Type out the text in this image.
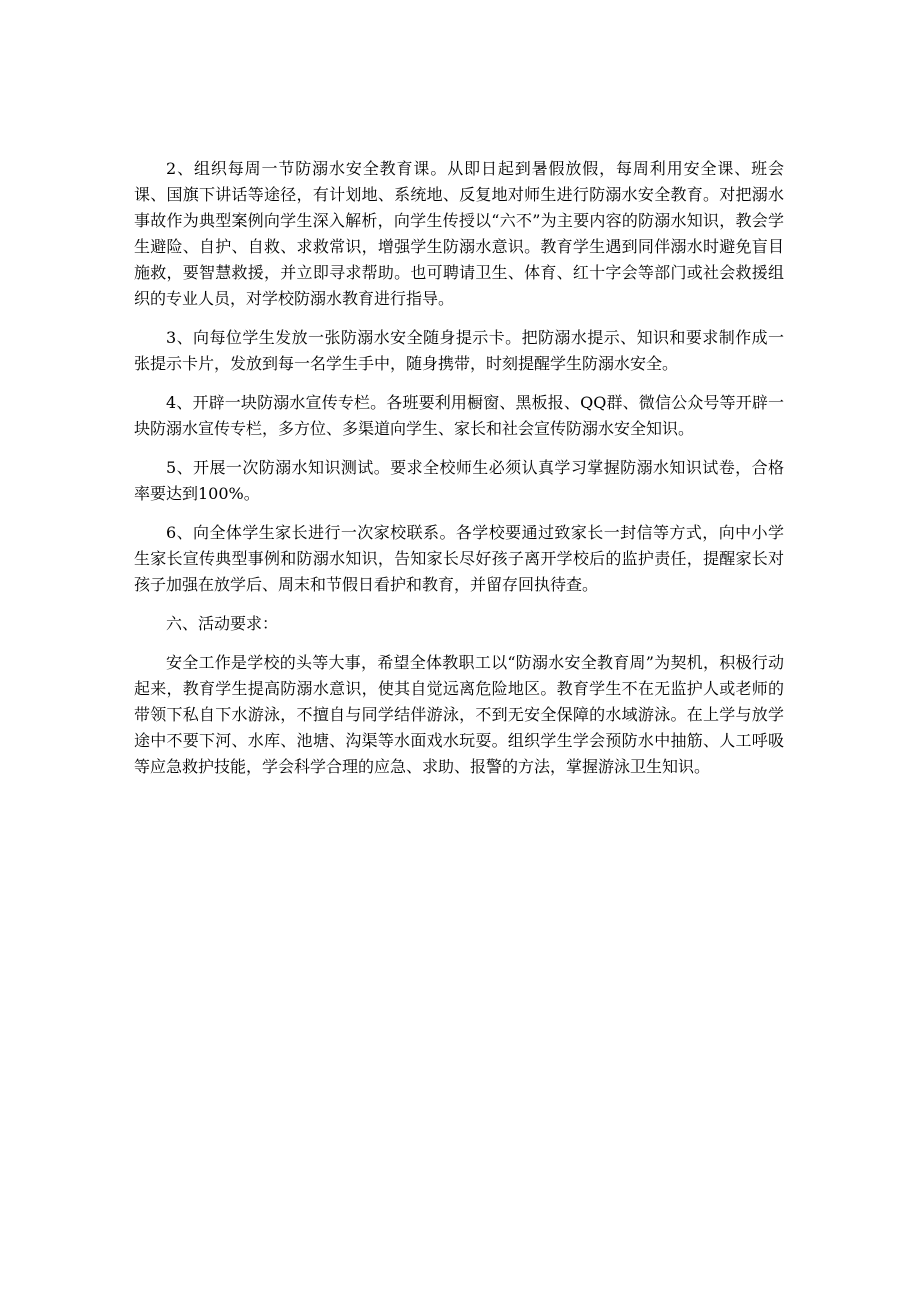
2、组织每周一节防溺水安全教育课。从即日起到暑假放假，每周利用安全课、班会课、国旗下讲话等途径，有计划地、系统地、反复地对师生进行防溺水安全教育。对把溺水事故作为典型案例向学生深入解析，向学生传授以“六不”为主要内容的防溺水知识，教会学生避险、自护、自救、求救常识，增强学生防溺水意识。教育学生遇到同伴溺水时避免盲目施救，要智慧救援，并立即寻求帮助。也可聘请卫生、体育、红十字会等部门或社会救援组织的专业人员，对学校防溺水教育进行指导。

3、向每位学生发放一张防溺水安全随身提示卡。把防溺水提示、知识和要求制作成一张提示卡片，发放到每一名学生手中，随身携带，时刻提醒学生防溺水安全。

4、开辟一块防溺水宣传专栏。各班要利用橱窗、黑板报、QQ群、微信公众号等开辟一块防溺水宣传专栏，多方位、多渠道向学生、家长和社会宣传防溺水安全知识。

5、开展一次防溺水知识测试。要求全校师生必须认真学习掌握防溺水知识试卷，合格率要达到100%。

6、向全体学生家长进行一次家校联系。各学校要通过致家长一封信等方式，向中小学生家长宣传典型事例和防溺水知识，告知家长尽好孩子离开学校后的监护责任，提醒家长对孩子加强在放学后、周末和节假日看护和教育，并留存回执待查。

六、活动要求：

安全工作是学校的头等大事，希望全体教职工以“防溺水安全教育周”为契机，积极行动起来，教育学生提高防溺水意识，使其自觉远离危险地区。教育学生不在无监护人或老师的带领下私自下水游泳，不擅自与同学结伴游泳，不到无安全保障的水域游泳。在上学与放学途中不要下河、水库、池塘、沟渠等水面戏水玩耍。组织学生学会预防水中抽筋、人工呼吸等应急救护技能，学会科学合理的应急、求助、报警的方法，掌握游泳卫生知识。
